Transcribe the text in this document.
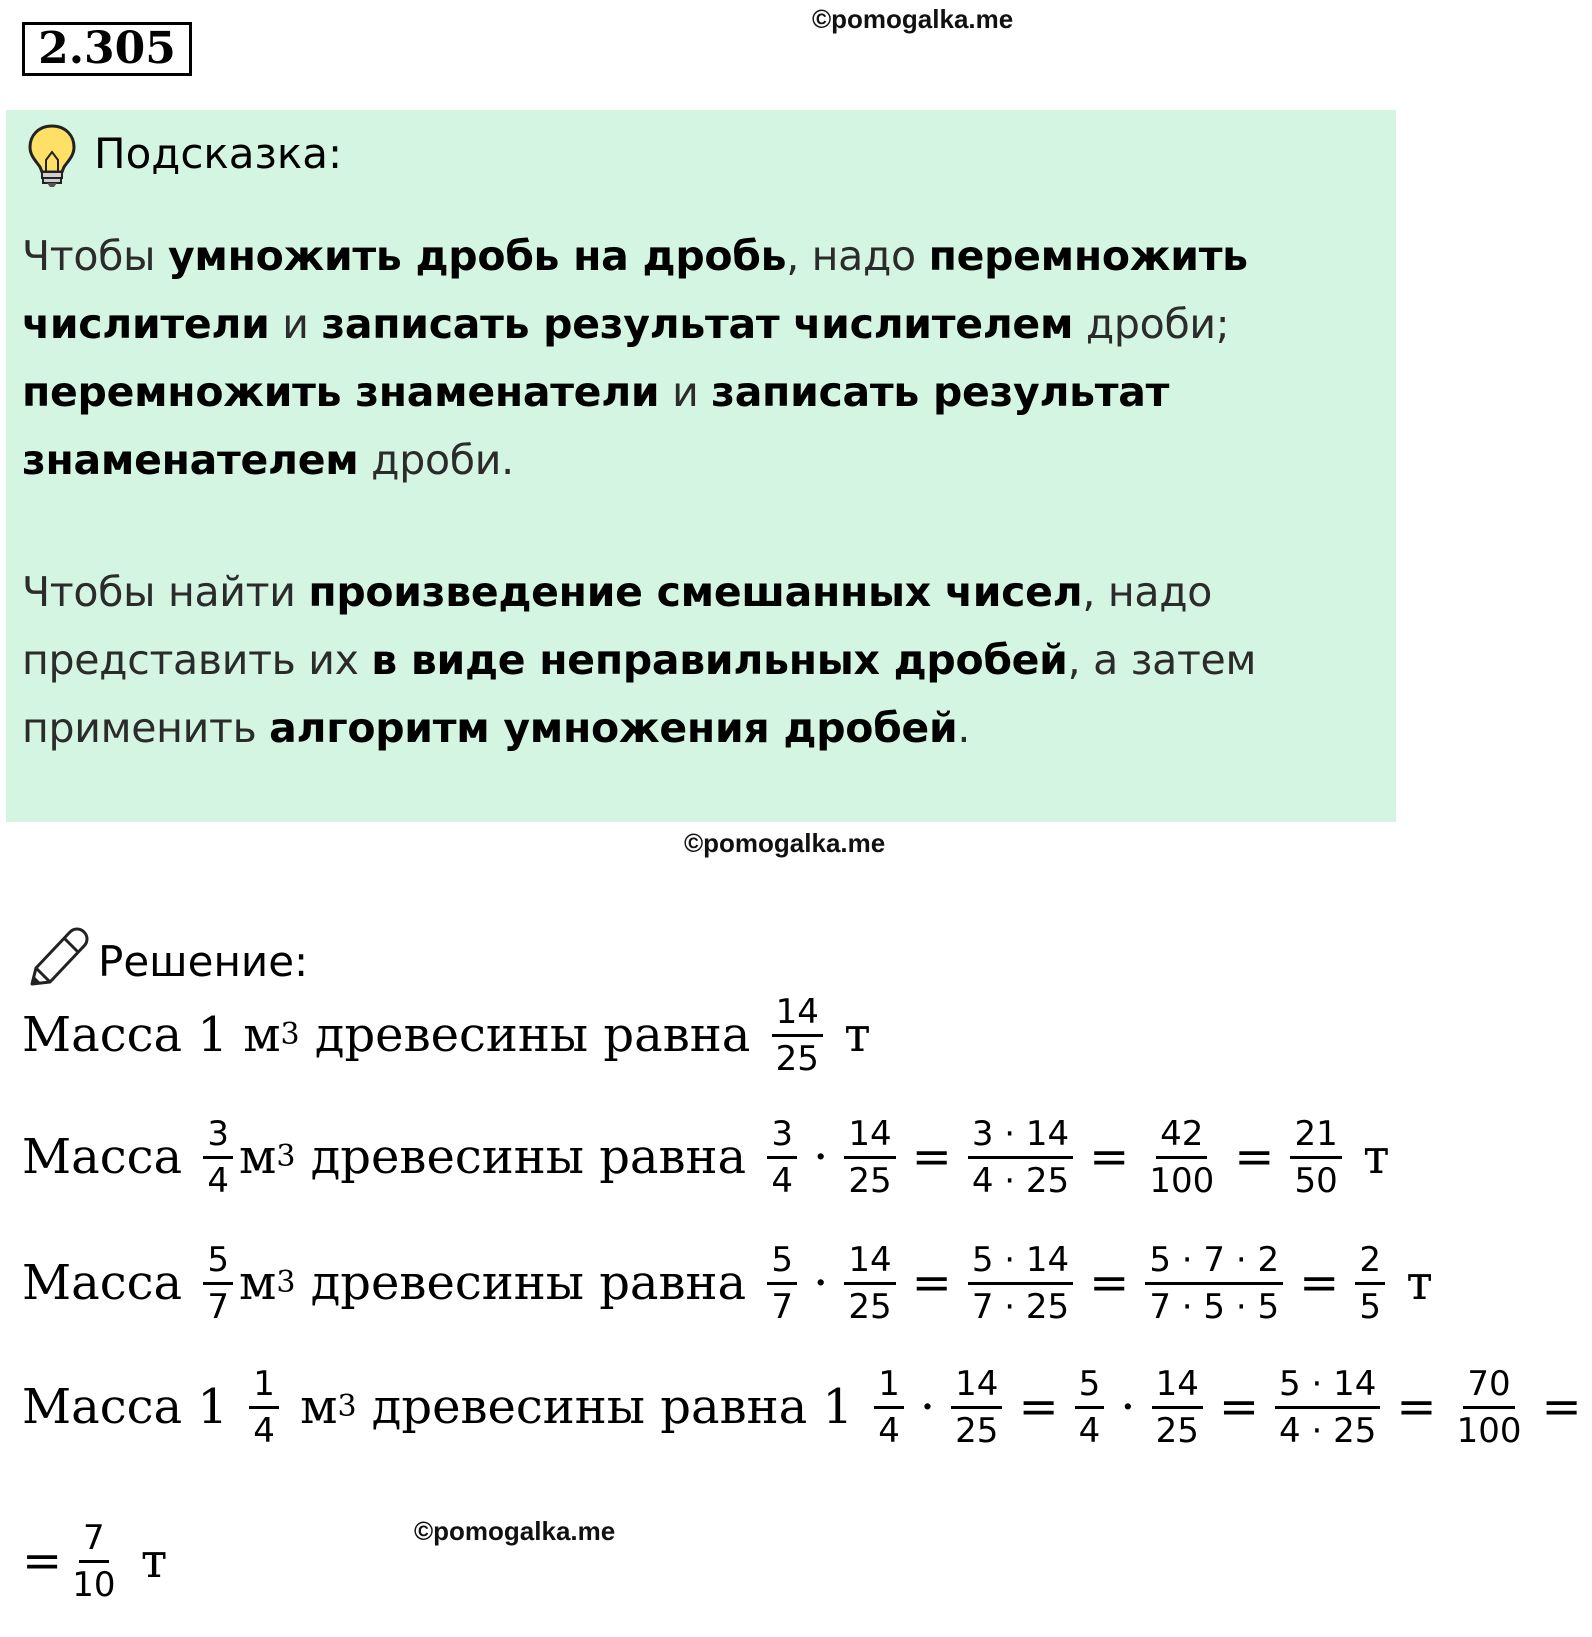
2.305
©pomogalka.me
Подсказка:
Чтобы умножить дробь на дробь, надо перемножить числители и записать результат числителем дроби; перемножить знаменатели и записать результат знаменателем дроби.
Чтобы найти произведение смешанных чисел, надо представить их в виде неправильных дробей, а затем применить алгоритм умножения дробей.
©pomogalka.me
Решение:
Масса 1 м 3 древесины равна $\frac{14}{25}$ т
Масса $\frac{3}{4}$ м 3 древесины равна $\frac{3}{4} \cdot \frac{14}{25} = \frac{3 \cdot 14}{4 \cdot 25} = \frac{42}{100} = \frac{21}{50}$ т
Масса $\frac{5}{7}$ м 3 древесины равна $\frac{5}{7} \cdot \frac{14}{25} = \frac{5 \cdot 14}{7 \cdot 25} = \frac{5 \cdot 7 \cdot 2}{7 \cdot 5 \cdot 5} = \frac{2}{5}$ т
Масса $1 \frac{1}{4}$ м 3 древесины равна $1 \frac{1}{4} \cdot \frac{14}{25} = \frac{5}{4} \cdot \frac{14}{25} = \frac{5 \cdot 14}{4 \cdot 25} = \frac{70}{100}$ =
©pomogalka.me
= $\frac{7}{10}$ т
